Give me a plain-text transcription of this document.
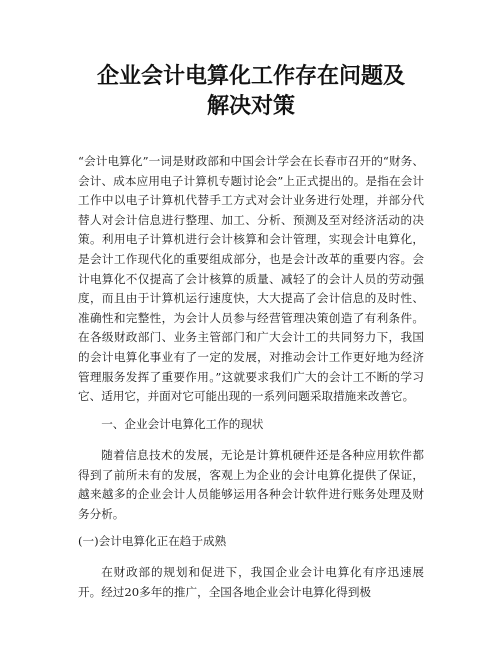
企业会计电算化工作存在问题及
解决对策

“会计电算化”一词是财政部和中国会计学会在长春市召开的“财务、会计、成本应用电子计算机专题讨论会”上正式提出的。是指在会计工作中以电子计算机代替手工方式对会计业务进行处理，并部分代替人对会计信息进行整理、加工、分析、预测及至对经济活动的决策。利用电子计算机进行会计核算和会计管理，实现会计电算化，是会计工作现代化的重要组成部分，也是会计改革的重要内容。会计电算化不仅提高了会计核算的质量、减轻了的会计人员的劳动强度，而且由于计算机运行速度快，大大提高了会计信息的及时性、准确性和完整性，为会计人员参与经营管理决策创造了有利条件。在各级财政部门、业务主管部门和广大会计工的共同努力下，我国的会计电算化事业有了一定的发展，对推动会计工作更好地为经济管理服务发挥了重要作用。”这就要求我们广大的会计工不断的学习它、适用它，并面对它可能出现的一系列问题采取措施来改善它。

一、企业会计电算化工作的现状

随着信息技术的发展，无论是计算机硬件还是各种应用软件都得到了前所未有的发展，客观上为企业的会计电算化提供了保证，越来越多的企业会计人员能够运用各种会计软件进行账务处理及财务分析。

(一)会计电算化正在趋于成熟

在财政部的规划和促进下，我国企业会计电算化有序迅速展开。经过20多年的推广，全国各地企业会计电算化得到极
